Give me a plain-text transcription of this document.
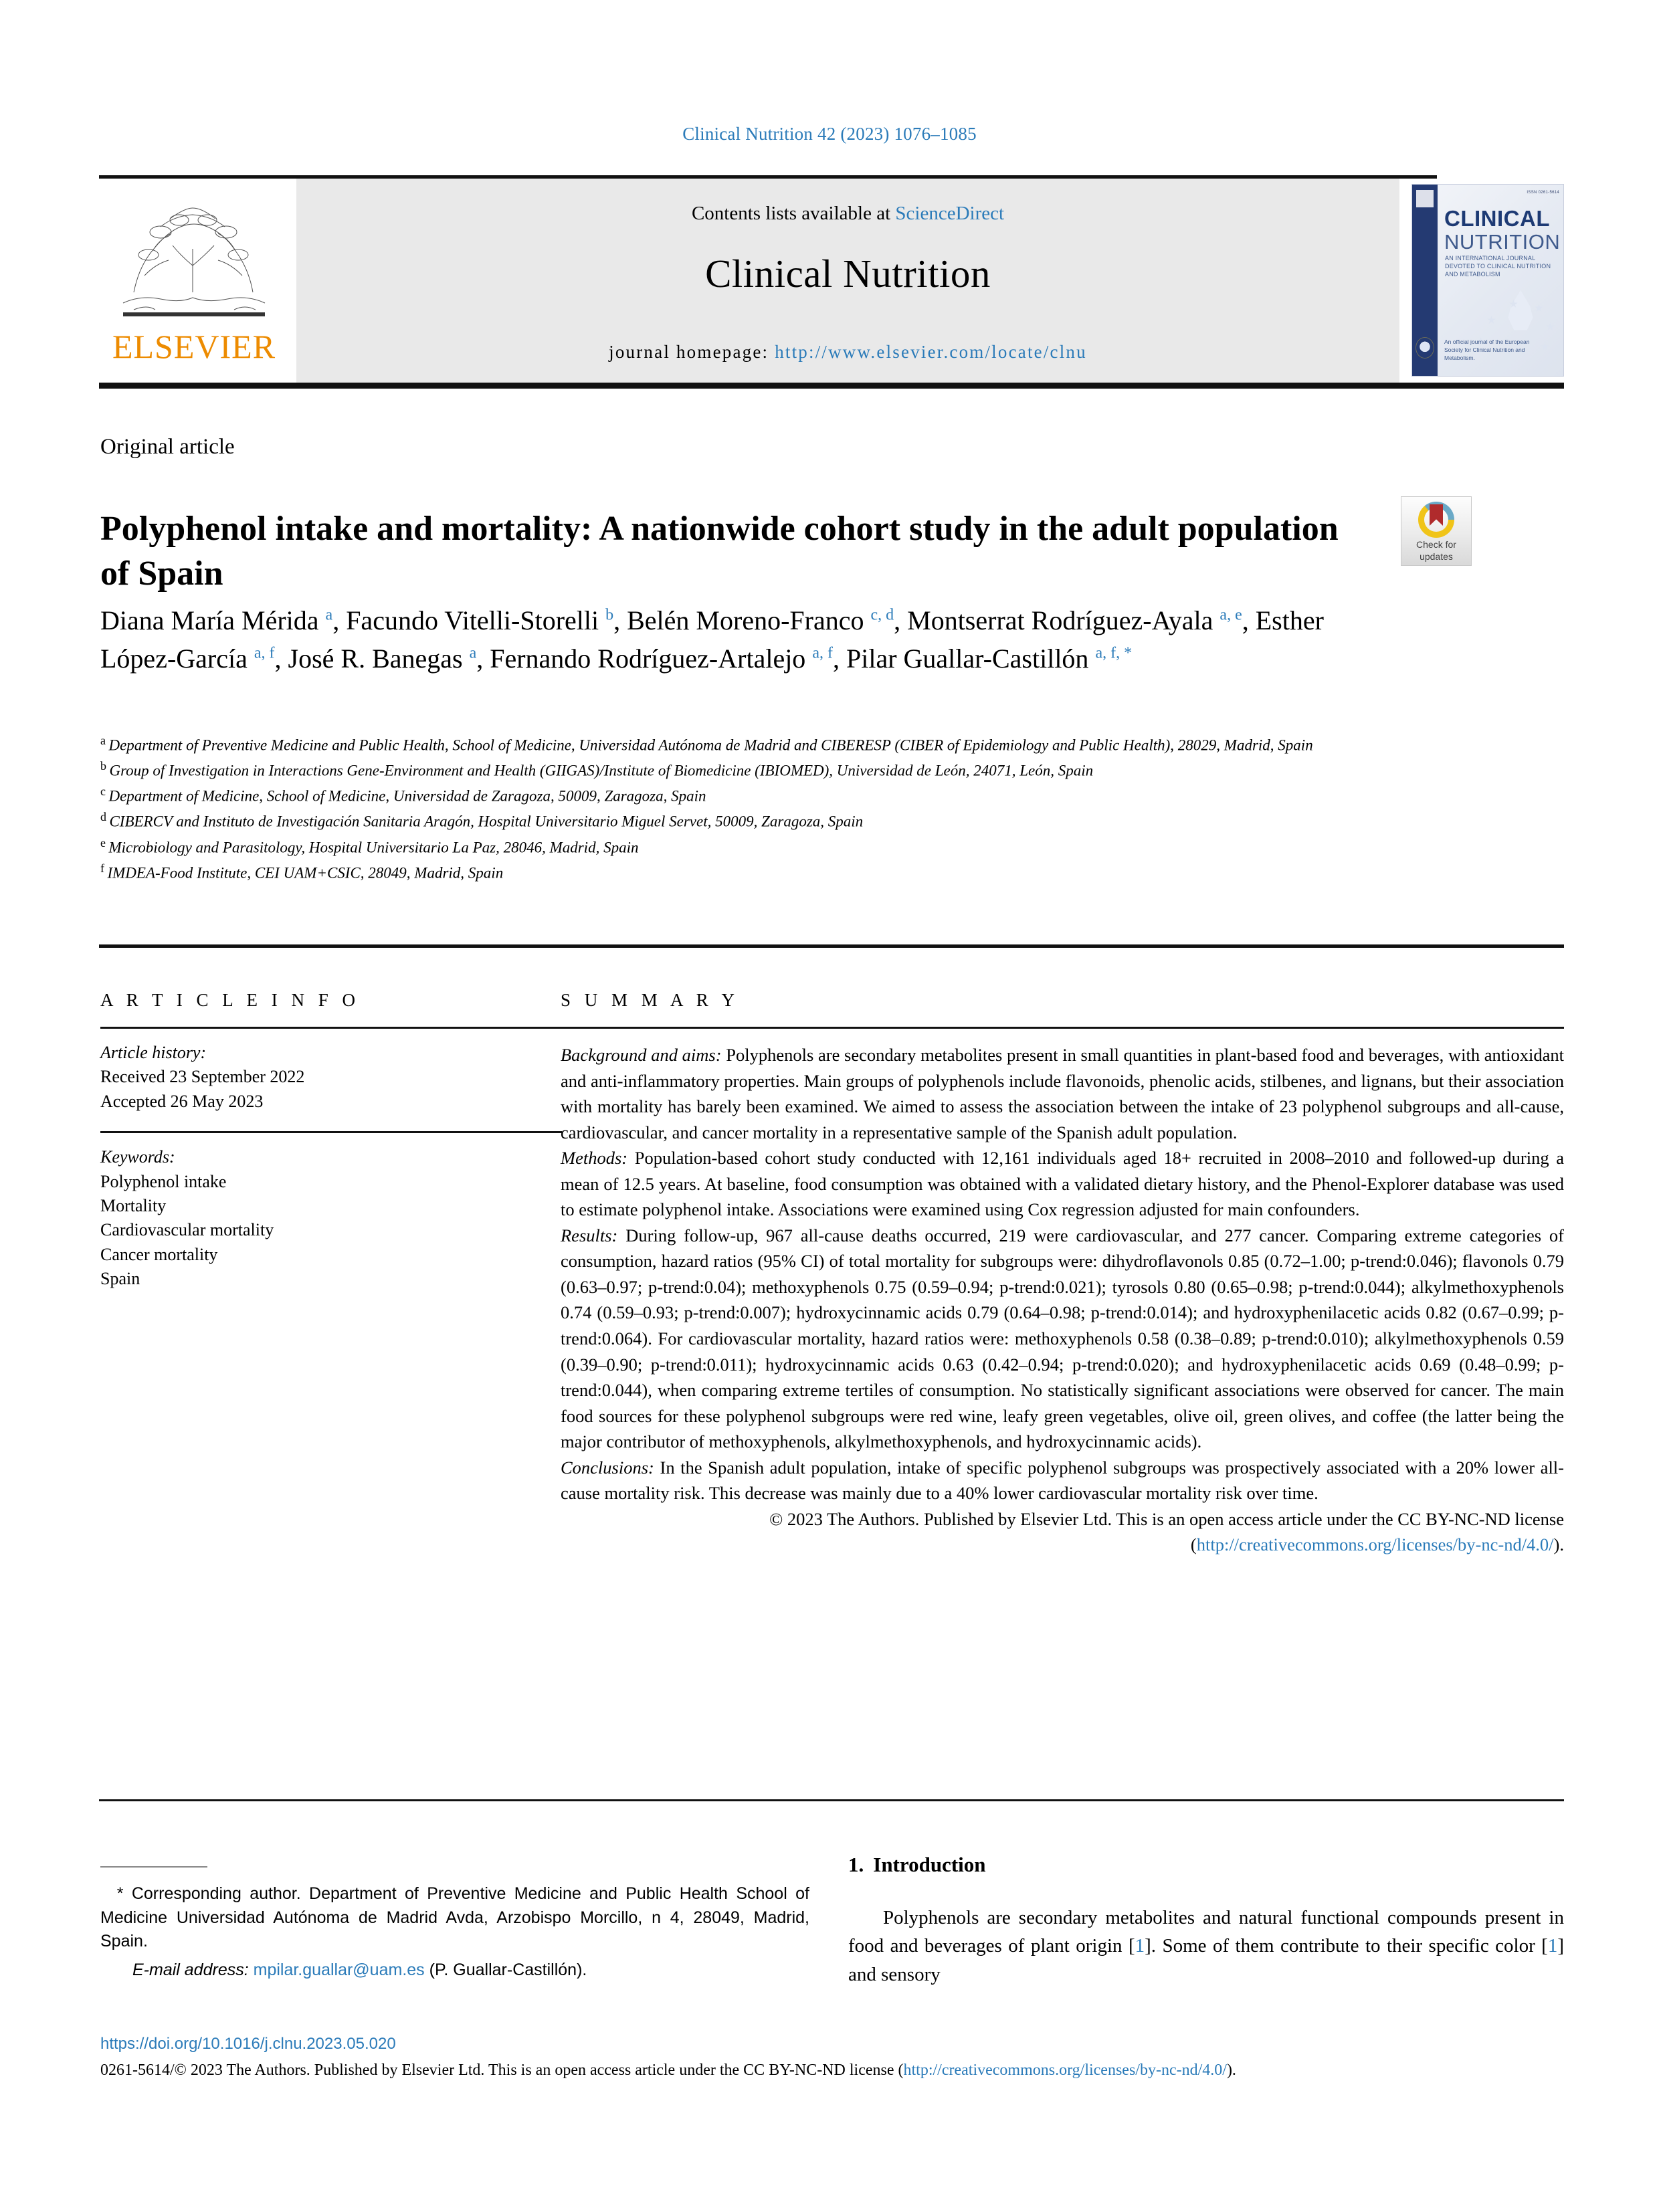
Clinical Nutrition 42 (2023) 1076–1085
ELSEVIER
Contents lists available at ScienceDirect
Clinical Nutrition
journal homepage: http://www.elsevier.com/locate/clnu
ISSN 0261-5614
CLINICAL
NUTRITION
AN INTERNATIONAL JOURNAL DEVOTED TO CLINICAL NUTRITION AND METABOLISM
An official journal of the European Society for Clinical Nutrition and Metabolism.
Original article
Polyphenol intake and mortality: A nationwide cohort study in the adult population of Spain
Check for
updates
Diana María Mérida $^a$, Facundo Vitelli-Storelli $^b$, Belén Moreno-Franco $^{c, d}$, Montserrat Rodríguez-Ayala $^{a, e}$, Esther López-García $^{a, f}$, José R. Banegas $^a$, Fernando Rodríguez-Artalejo $^{a, f}$, Pilar Guallar-Castillón $^{a, f, *}$
$^a$ Department of Preventive Medicine and Public Health, School of Medicine, Universidad Autónoma de Madrid and CIBERESP (CIBER of Epidemiology and Public Health), 28029, Madrid, Spain
$^b$ Group of Investigation in Interactions Gene-Environment and Health (GIIGAS)/Institute of Biomedicine (IBIOMED), Universidad de León, 24071, León, Spain
$^c$ Department of Medicine, School of Medicine, Universidad de Zaragoza, 50009, Zaragoza, Spain
$^d$ CIBERCV and Instituto de Investigación Sanitaria Aragón, Hospital Universitario Miguel Servet, 50009, Zaragoza, Spain
$^e$ Microbiology and Parasitology, Hospital Universitario La Paz, 28046, Madrid, Spain
$^f$ IMDEA-Food Institute, CEI UAM+CSIC, 28049, Madrid, Spain
A R T I C L E I N F O
Article history:
Received 23 September 2022
Accepted 26 May 2023
Keywords:
Polyphenol intake
Mortality
Cardiovascular mortality
Cancer mortality
Spain
S U M M A R Y

Background and aims: Polyphenols are secondary metabolites present in small quantities in plant-based food and beverages, with antioxidant and anti-inflammatory properties. Main groups of polyphenols include flavonoids, phenolic acids, stilbenes, and lignans, but their association with mortality has barely been examined. We aimed to assess the association between the intake of 23 polyphenol subgroups and all-cause, cardiovascular, and cancer mortality in a representative sample of the Spanish adult population.

Methods: Population-based cohort study conducted with 12,161 individuals aged 18+ recruited in 2008–2010 and followed-up during a mean of 12.5 years. At baseline, food consumption was obtained with a validated dietary history, and the Phenol-Explorer database was used to estimate polyphenol intake. Associations were examined using Cox regression adjusted for main confounders.

Results: During follow-up, 967 all-cause deaths occurred, 219 were cardiovascular, and 277 cancer. Comparing extreme categories of consumption, hazard ratios (95% CI) of total mortality for subgroups were: dihydroflavonols 0.85 (0.72–1.00; p-trend:0.046); flavonols 0.79 (0.63–0.97; p-trend:0.04); methoxyphenols 0.75 (0.59–0.94; p-trend:0.021); tyrosols 0.80 (0.65–0.98; p-trend:0.044); alkylmethoxyphenols 0.74 (0.59–0.93; p-trend:0.007); hydroxycinnamic acids 0.79 (0.64–0.98; p-trend:0.014); and hydroxyphenilacetic acids 0.82 (0.67–0.99; p-trend:0.064). For cardiovascular mortality, hazard ratios were: methoxyphenols 0.58 (0.38–0.89; p-trend:0.010); alkylmethoxyphenols 0.59 (0.39–0.90; p-trend:0.011); hydroxycinnamic acids 0.63 (0.42–0.94; p-trend:0.020); and hydroxyphenilacetic acids 0.69 (0.48–0.99; p-trend:0.044), when comparing extreme tertiles of consumption. No statistically significant associations were observed for cancer. The main food sources for these polyphenol subgroups were red wine, leafy green vegetables, olive oil, green olives, and coffee (the latter being the major contributor of methoxyphenols, alkylmethoxyphenols, and hydroxycinnamic acids).

Conclusions: In the Spanish adult population, intake of specific polyphenol subgroups was prospectively associated with a 20% lower all-cause mortality risk. This decrease was mainly due to a 40% lower cardiovascular mortality risk over time.

© 2023 The Authors. Published by Elsevier Ltd. This is an open access article under the CC BY-NC-ND license (http://creativecommons.org/licenses/by-nc-nd/4.0/).

* Corresponding author. Department of Preventive Medicine and Public Health School of Medicine Universidad Autónoma de Madrid Avda, Arzobispo Morcillo, n 4, 28049, Madrid, Spain.
E-mail address: mpilar.guallar@uam.es (P. Guallar-Castillón).
1. Introduction
Polyphenols are secondary metabolites and natural functional compounds present in food and beverages of plant origin [1]. Some of them contribute to their specific color [1] and sensory
https://doi.org/10.1016/j.clnu.2023.05.020
0261-5614/© 2023 The Authors. Published by Elsevier Ltd. This is an open access article under the CC BY-NC-ND license (http://creativecommons.org/licenses/by-nc-nd/4.0/).
